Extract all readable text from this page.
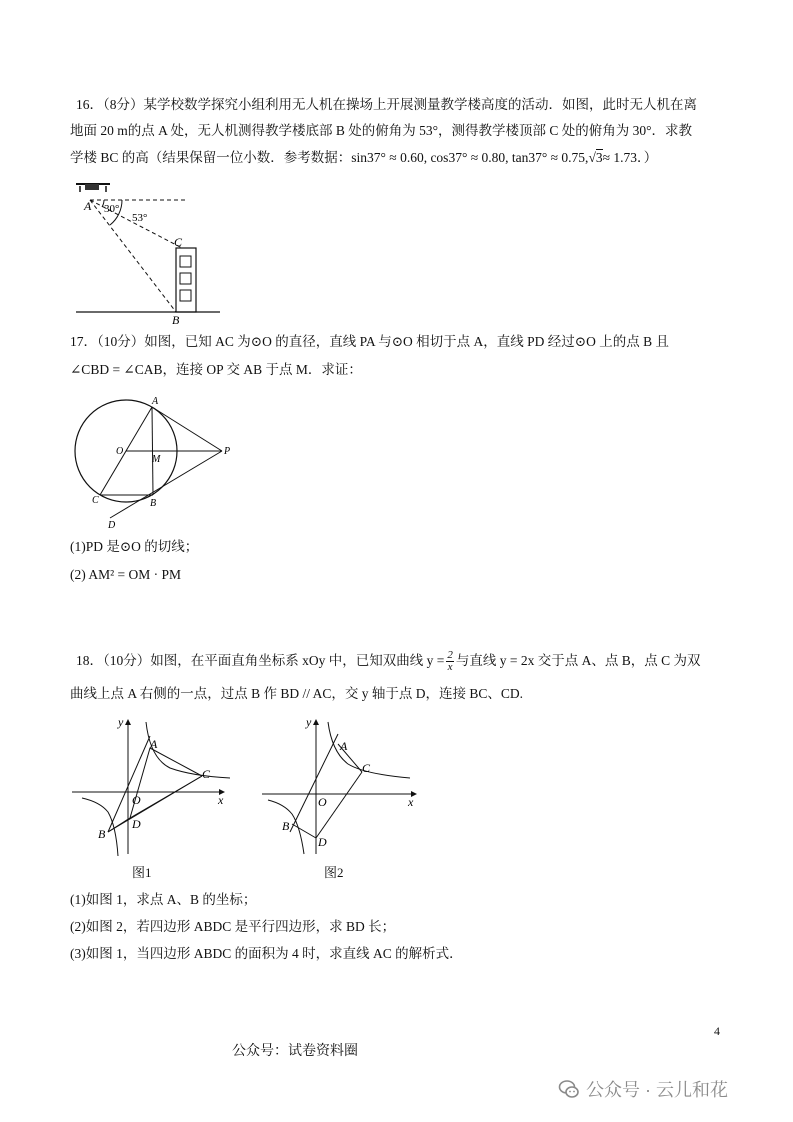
16．（8分）某学校数学探究小组利用无人机在操场上开展测量教学楼高度的活动．如图，此时无人机在离
地面 20 m的点 A 处，无人机测得教学楼底部 B 处的俯角为 53°，测得教学楼顶部 C 处的俯角为 30°．求教
学楼 BC 的高（结果保留一位小数．参考数据：sin37° ≈ 0.60, cos37° ≈ 0.80, tan37° ≈ 0.75,√3≈ 1.73．）
A 30°
53°
C
B
17．（10分）如图，已知 AC 为⊙O 的直径，直线 PA 与⊙O 相切于点 A，直线 PD 经过⊙O 上的点 B 且
∠CBD = ∠CAB，连接 OP 交 AB 于点 M．求证：
A
O
M
P
C	B
D
(1)PD 是⊙O 的切线；
(2) AM² = OM · PM
18．（10分）如图，在平面直角坐标系 xOy 中，已知双曲线 $y = \frac{2}{x}$ 与直线 y = 2x 交于点 A、点 B，点 C 为双
曲线上点 A 右侧的一点，过点 B 作 BD // AC，交 y 轴于点 D，连接 BC、CD.
y
x
O
A
C
B
D
图1
y
x
O
A
C
B
D
图2
(1)如图 1，求点 A、B 的坐标；
(2)如图 2，若四边形 ABDC 是平行四边形，求 BD 长；
(3)如图 1，当四边形 ABDC 的面积为 4 时，求直线 AC 的解析式．
4
公众号：试卷资料圈
公众号 · 云儿和花
